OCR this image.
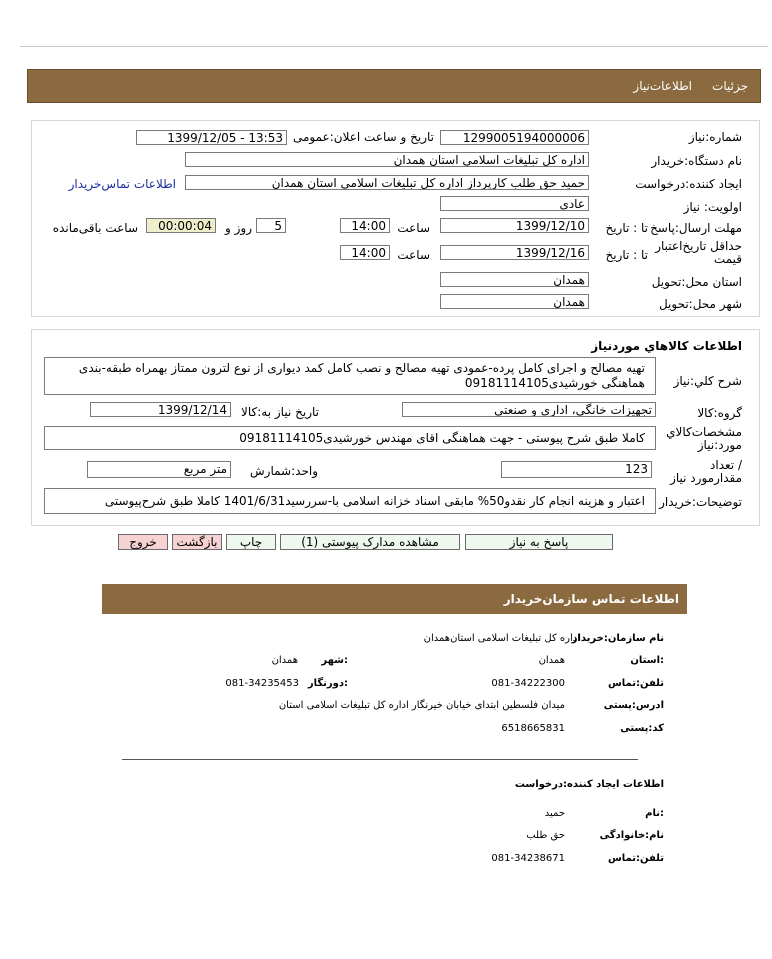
جزئیات
اطلاعات‌نیاز
شماره:نیاز
1299005194000006
تاریخ و ساعت اعلان:عمومی
1399/12/05 - 13:53
نام دستگاه:خریدار
اداره کل تبلیغات اسلامی استان همدان
ایجاد کننده:درخواست
حمید حق طلب کارپرداز اداره کل تبلیغات اسلامی استان همدان
اطلاعات تماس‌خریدار
اولویت: نیاز
عادی
مهلت ارسال:پاسخ
تا : تاریخ
1399/12/10
ساعت
14:00
5
روز و
00:00:04
ساعت باقی‌مانده
حداقل تاریخ‌اعتبار قیمت
تا : تاریخ
1399/12/16
ساعت
14:00
استان محل:تحویل
همدان
شهر محل:تحویل
همدان
اطلاعات کالاهاي موردنياز
شرح کلي:نياز
تهیه مصالح و اجرای کامل پرده-عمودی تهیه مصالح و نصب کامل کمد دیواری از نوع لترون ممتاز بهمراه طبقه-بندی
هماهنگی خورشیدی09181114105
گروه:کالا
تجهیزات خانگی، اداری و صنعتی
تاریخ نیاز به:کالا
1399/12/14
مشخصات‌کالاي مورد:نياز
کاملا طبق شرح پیوستی - جهت هماهنگی اقای مهندس خورشیدی09181114105
/ تعداد مقدارمورد نیاز
123
واحد:شمارش
متر مربع
توضیحات:خریدار
اعتبار و هزینه انجام کار نقدو50% مابقی اسناد خزانه اسلامی با-سررسید1401/6/31 کاملا طبق شرح‌پیوستی
پاسخ به نیاز
مشاهده مدارک پیوستی (1)
چاپ
بازگشت
خروج
اطلاعات تماس سازمان‌خریدار
نام سازمان:خریدار
اداره کل تبلیغات اسلامی استان‌همدان
:استان
همدان
:شهر
همدان
تلفن:تماس
081-34222300
:دورنگار
081-34235453
ادرس:پستی
میدان فلسطین ابتدای خیابان خیرنگار اداره کل تبلیغات اسلامی استان
کد:پستی
6518665831
اطلاعات ایجاد کننده:درخواست
:نام
حمید
نام:خانوادگی
حق طلب
تلفن:تماس
081-34238671
